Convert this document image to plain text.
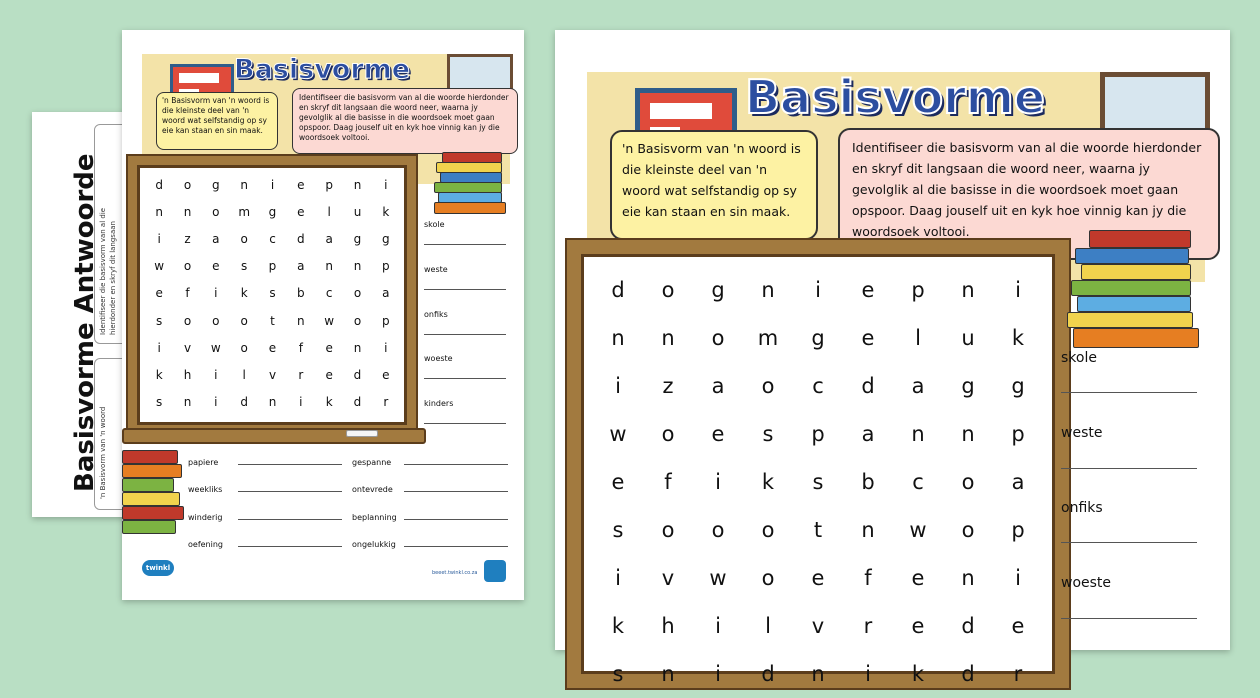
Basisvorme Antwoorde Identifiseer die basisvorm van al die hierdonder en skryf dit langsaan
'n Basisvorm van 'n woord
Basisvorme
'n Basisvorm van 'n woord is die kleinste deel van 'n woord wat selfstandig op sy eie kan staan en sin maak.
Identifiseer die basisvorm van al die woorde hierdonder en skryf dit langsaan die woord neer, waarna jy gevolglik al die basisse in die woordsoek moet gaan opspoor. Daag jouself uit en kyk hoe vinnig kan jy die woordsoek voltooi.
d	o	g	n	i	e	p	n	i
n	n	o	m	g	e	l	u	k
i	z	a	o	c	d	a	g	g
w	o	e	s	p	a	n	n	p
e	f	i	k	s	b	c	o	a
s	o	o	o	t	n	w	o	p
i	v	w	o	e	f	e	n	i
k	h	i	l	v	r	e	d	e
s	n	i	d	n	i	k	d	r
skole
weste
onfiks
woeste
kinders
papiere
weekliks
winderig
oefening
gespanne
ontevrede
beplanning
ongelukkig
twinkl
beeet.twinkl.co.za
Basisvorme
'n Basisvorm van 'n woord is die kleinste deel van 'n woord wat selfstandig op sy eie kan staan en sin maak.
Identifiseer die basisvorm van al die woorde hierdonder en skryf dit langsaan die woord neer, waarna jy gevolglik al die basisse in die woordsoek moet gaan opspoor. Daag jouself uit en kyk hoe vinnig kan jy die woordsoek voltooi.
d	o	g	n	i	e	p	n	i
n	n	o	m	g	e	l	u	k
i	z	a	o	c	d	a	g	g
w	o	e	s	p	a	n	n	p
e	f	i	k	s	b	c	o	a
s	o	o	o	t	n	w	o	p
i	v	w	o	e	f	e	n	i
k	h	i	l	v	r	e	d	e
s	n	i	d	n	i	k	d	r
skole
weste
onfiks
woeste
